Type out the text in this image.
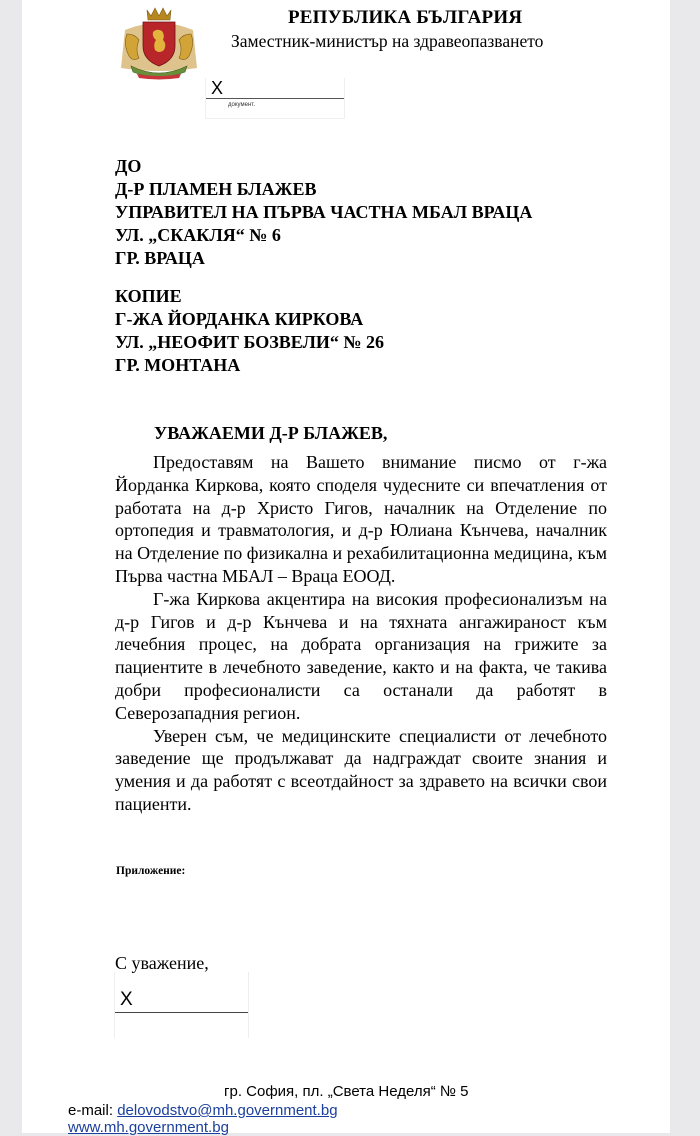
РЕПУБЛИКА БЪЛГАРИЯ
Заместник-министър на здравеопазването
X
документ.
ДО
Д-Р ПЛАМЕН БЛАЖЕВ
УПРАВИТЕЛ НА ПЪРВА ЧАСТНА МБАЛ ВРАЦА
УЛ. „СКАКЛЯ“ № 6
ГР. ВРАЦА
КОПИЕ
Г-ЖА ЙОРДАНКА КИРКОВА
УЛ. „НЕОФИТ БОЗВЕЛИ“ № 26
ГР. МОНТАНА
УВАЖАЕМИ Д-Р БЛАЖЕВ,

Предоставям на Вашето внимание писмо от г-жа Йорданка Киркова, която споделя чудесните си впечатления от работата на д-р Христо Гигов, началник на Отделение по ортопедия и травматология, и д-р Юлиана Кънчева, началник на Отделение по физикална и рехабилитационна медицина, към Първа частна МБАЛ – Враца ЕООД.

Г-жа Киркова акцентира на високия професионализъм на д-р Гигов и д-р Кънчева и на тяхната ангажираност към лечебния процес, на добрата организация на грижите за пациентите в лечебното заведение, както и на факта, че такива добри професионалисти са останали да работят в Северозападния регион.

Уверен съм, че медицинските специалисти от лечебното заведение ще продължават да надграждат своите знания и умения и да работят с всеотдайност за здравето на всички свои пациенти.

Приложение:
С уважение,
X
гр. София, пл. „Света Неделя“ № 5
e-mail: delovodstvo@mh.government.bg
www.mh.government.bg
